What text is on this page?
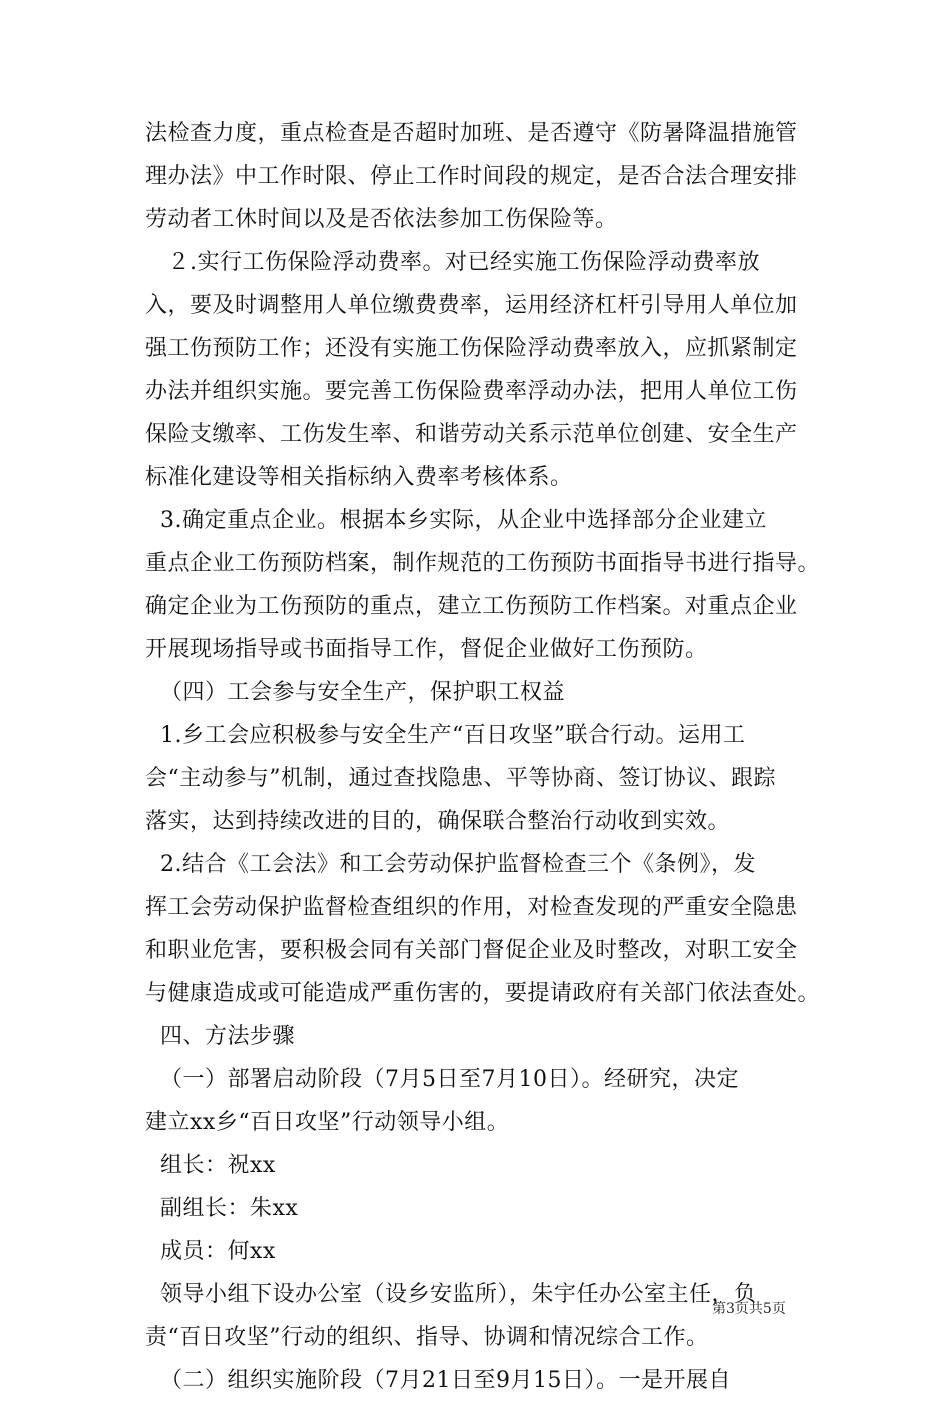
法检查力度，重点检查是否超时加班、是否遵守《防暑降温措施管
理办法》中工作时限、停止工作时间段的规定，是否合法合理安排
劳动者工休时间以及是否依法参加工伤保险等。
２.实行工伤保险浮动费率。对已经实施工伤保险浮动费率放
入，要及时调整用人单位缴费费率，运用经济杠杆引导用人单位加
强工伤预防工作；还没有实施工伤保险浮动费率放入，应抓紧制定
办法并组织实施。要完善工伤保险费率浮动办法，把用人单位工伤
保险支缴率、工伤发生率、和谐劳动关系示范单位创建、安全生产
标准化建设等相关指标纳入费率考核体系。
3.确定重点企业。根据本乡实际，从企业中选择部分企业建立
重点企业工伤预防档案，制作规范的工伤预防书面指导书进行指导。
确定企业为工伤预防的重点，建立工伤预防工作档案。对重点企业
开展现场指导或书面指导工作，督促企业做好工伤预防。
（四）工会参与安全生产，保护职工权益
1.乡工会应积极参与安全生产“百日攻坚”联合行动。运用工
会“主动参与”机制，通过查找隐患、平等协商、签订协议、跟踪
落实，达到持续改进的目的，确保联合整治行动收到实效。
2.结合《工会法》和工会劳动保护监督检查三个《条例》，发
挥工会劳动保护监督检查组织的作用，对检查发现的严重安全隐患
和职业危害，要积极会同有关部门督促企业及时整改，对职工安全
与健康造成或可能造成严重伤害的，要提请政府有关部门依法查处。
四、方法步骤
（一）部署启动阶段（7月5日至7月10日）。经研究，决定
建立xx乡“百日攻坚”行动领导小组。
组长：祝xx
副组长：朱xx
成员：何xx
领导小组下设办公室（设乡安监所），朱宇任办公室主任，负
责“百日攻坚”行动的组织、指导、协调和情况综合工作。
（二）组织实施阶段（7月21日至9月15日）。一是开展自
第3页共5页
